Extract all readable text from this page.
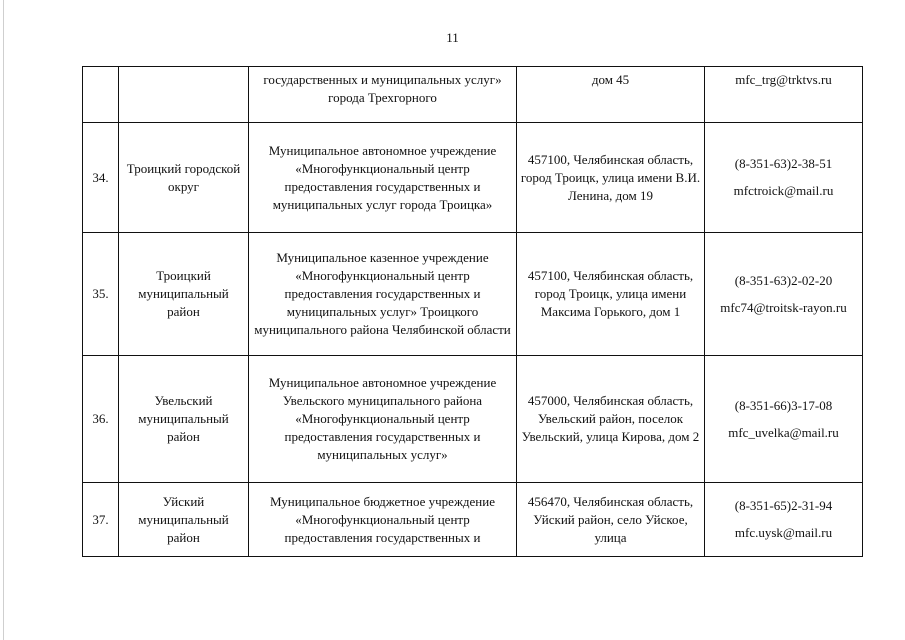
11
		государственных и муниципальных услуг» города Трехгорного	дом 45	mfc_trg@trktvs.ru

34.	Троицкий городской округ	Муниципальное автономное учреждение «Многофункциональный центр предоставления государственных и муниципальных услуг города Троицка»	457100, Челябинская область, город Троицк, улица имени В.И. Ленина, дом 19	(8-351-63)2-38-51
mfctroick@mail.ru

35.	Троицкий муниципальный район	Муниципальное казенное учреждение «Многофункциональный центр предоставления государственных и муниципальных услуг» Троицкого муниципального района Челябинской области	457100, Челябинская область, город Троицк, улица имени Максима Горького, дом 1	(8-351-63)2-02-20
mfc74@troitsk-rayon.ru

36.	Увельский муниципальный район	Муниципальное автономное учреждение Увельского муниципального района «Многофункциональный центр предоставления государственных и муниципальных услуг»	457000, Челябинская область, Увельский район, поселок Увельский, улица Кирова, дом 2	(8-351-66)3-17-08
mfc_uvelka@mail.ru

37.	Уйский муниципальный район	Муниципальное бюджетное учреждение «Многофункциональный центр предоставления государственных и	456470, Челябинская область, Уйский район, село Уйское, улица	(8-351-65)2-31-94
mfc.uysk@mail.ru
